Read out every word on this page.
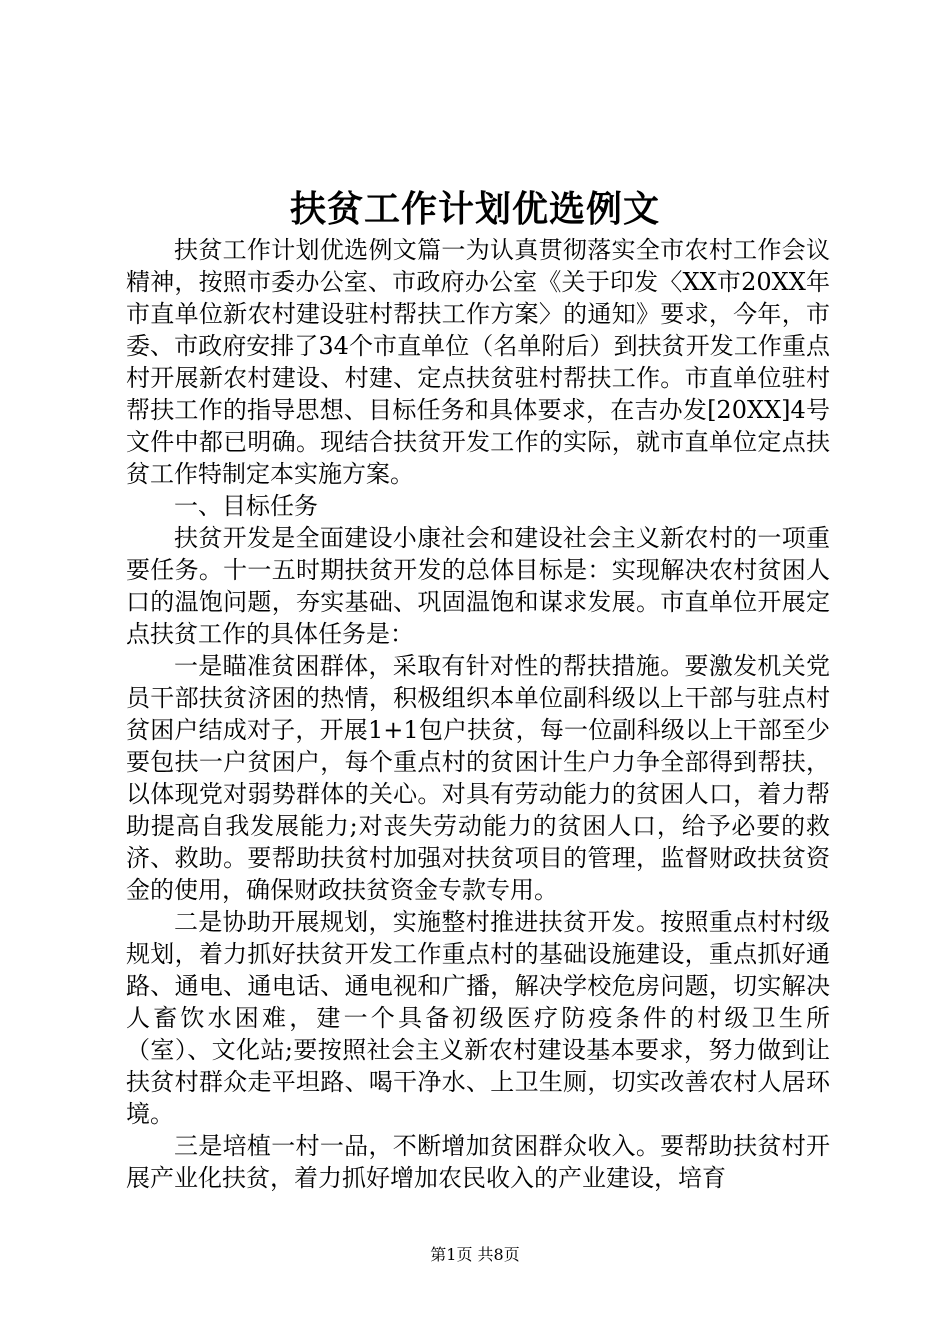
扶贫工作计划优选例文

扶贫工作计划优选例文篇一为认真贯彻落实全市农村工作会议精神，按照市委办公室、市政府办公室《关于印发〈XX市20XX年市直单位新农村建设驻村帮扶工作方案〉的通知》要求，今年，市委、市政府安排了34个市直单位（名单附后）到扶贫开发工作重点村开展新农村建设、村建、定点扶贫驻村帮扶工作。市直单位驻村帮扶工作的指导思想、目标任务和具体要求，在吉办发[20XX]4号文件中都已明确。现结合扶贫开发工作的实际，就市直单位定点扶贫工作特制定本实施方案。

一、目标任务

扶贫开发是全面建设小康社会和建设社会主义新农村的一项重要任务。十一五时期扶贫开发的总体目标是：实现解决农村贫困人口的温饱问题，夯实基础、巩固温饱和谋求发展。市直单位开展定点扶贫工作的具体任务是：

一是瞄准贫困群体，采取有针对性的帮扶措施。要激发机关党员干部扶贫济困的热情，积极组织本单位副科级以上干部与驻点村贫困户结成对子，开展1+1包户扶贫，每一位副科级以上干部至少要包扶一户贫困户，每个重点村的贫困计生户力争全部得到帮扶，以体现党对弱势群体的关心。对具有劳动能力的贫困人口，着力帮助提高自我发展能力;对丧失劳动能力的贫困人口，给予必要的救济、救助。要帮助扶贫村加强对扶贫项目的管理，监督财政扶贫资金的使用，确保财政扶贫资金专款专用。

二是协助开展规划，实施整村推进扶贫开发。按照重点村村级规划，着力抓好扶贫开发工作重点村的基础设施建设，重点抓好通路、通电、通电话、通电视和广播，解决学校危房问题，切实解决人畜饮水困难，建一个具备初级医疗防疫条件的村级卫生所（室）、文化站;要按照社会主义新农村建设基本要求，努力做到让扶贫村群众走平坦路、喝干净水、上卫生厕，切实改善农村人居环境。

三是培植一村一品，不断增加贫困群众收入。要帮助扶贫村开展产业化扶贫，着力抓好增加农民收入的产业建设，培育

第1页 共8页
